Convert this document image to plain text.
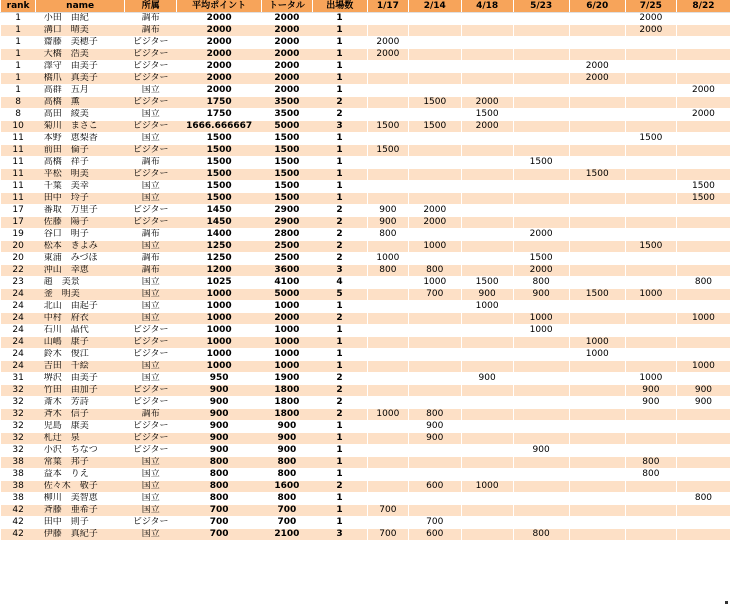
rank	name	所属	平均ポイント	トータル	出場数	1/17	2/14	4/18	5/23	6/20	7/25	8/22
1	小田　由紀	調布	2000	2000	1						2000	
1	溝口　晴美	調布	2000	2000	1						2000	
1	齋藤　美穂子	ビジター	2000	2000	1	2000						
1	大橋　浩美	ビジター	2000	2000	1	2000						
1	澤守　由美子	ビジター	2000	2000	1					2000		
1	橋爪　真美子	ビジター	2000	2000	1					2000		
1	高群　五月	国立	2000	2000	1							2000
8	高橋　薫	ビジター	1750	3500	2		1500	2000				
8	高田　綾美	国立	1750	3500	2			1500				2000
10	菊川　まさこ	ビジター	1666.666667	5000	3	1500	1500	2000				
11	本野　恵梨香	国立	1500	1500	1						1500	
11	前田　倫子	ビジター	1500	1500	1	1500						
11	高橋　祥子	調布	1500	1500	1				1500			
11	平松　明美	ビジター	1500	1500	1					1500		
11	千葉　美幸	国立	1500	1500	1							1500
11	田中　玲子	国立	1500	1500	1							1500
17	番取　万里子	ビジター	1450	2900	2	900	2000					
17	佐藤　陽子	ビジター	1450	2900	2	900	2000					
19	谷口　明子	調布	1400	2800	2	800			2000			
20	松本　きよみ	国立	1250	2500	2		1000				1500	
20	東浦　みづほ	調布	1250	2500	2	1000			1500			
22	沖山　幸恵	調布	1200	3600	3	800	800		2000			
23	趙　美景	国立	1025	4100	4		1000	1500	800			800
24	釜　明美	国立	1000	5000	5		700	900	900	1500	1000	
24	北山　由起子	国立	1000	1000	1			1000				
24	中村　府衣	国立	1000	2000	2				1000			1000
24	石川　晶代	ビジター	1000	1000	1				1000			
24	山嶋　康子	ビジター	1000	1000	1					1000		
24	鈴木　俊江	ビジター	1000	1000	1					1000		
24	吉田　千絵	国立	1000	1000	1							1000
31	堺沢　由美子	国立	950	1900	2			900			1000	
32	竹田　由加子	ビジター	900	1800	2						900	900
32	斎木　芳詩	ビジター	900	1800	2						900	900
32	斉木　信子	調布	900	1800	2	1000	800					
32	児島　康美	ビジター	900	900	1		900					
32	札辻　泉	ビジター	900	900	1		900					
32	小沢　ちなつ	ビジター	900	900	1				900			
38	常葉　邦子	国立	800	800	1						800	
38	益本　りえ	国立	800	800	1						800	
38	佐々木　敬子	国立	800	1600	2		600	1000				
38	柳川　美智恵	国立	800	800	1							800
42	斉藤　亜希子	国立	700	700	1	700						
42	田中　則子	ビジター	700	700	1		700					
42	伊藤　真紀子	国立	700	2100	3	700	600		800			
